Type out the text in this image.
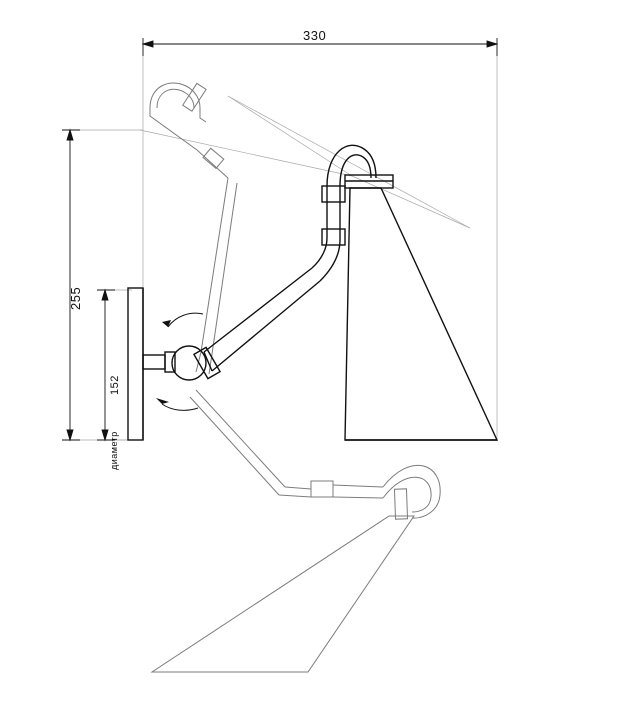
330
255
152
диаметр
